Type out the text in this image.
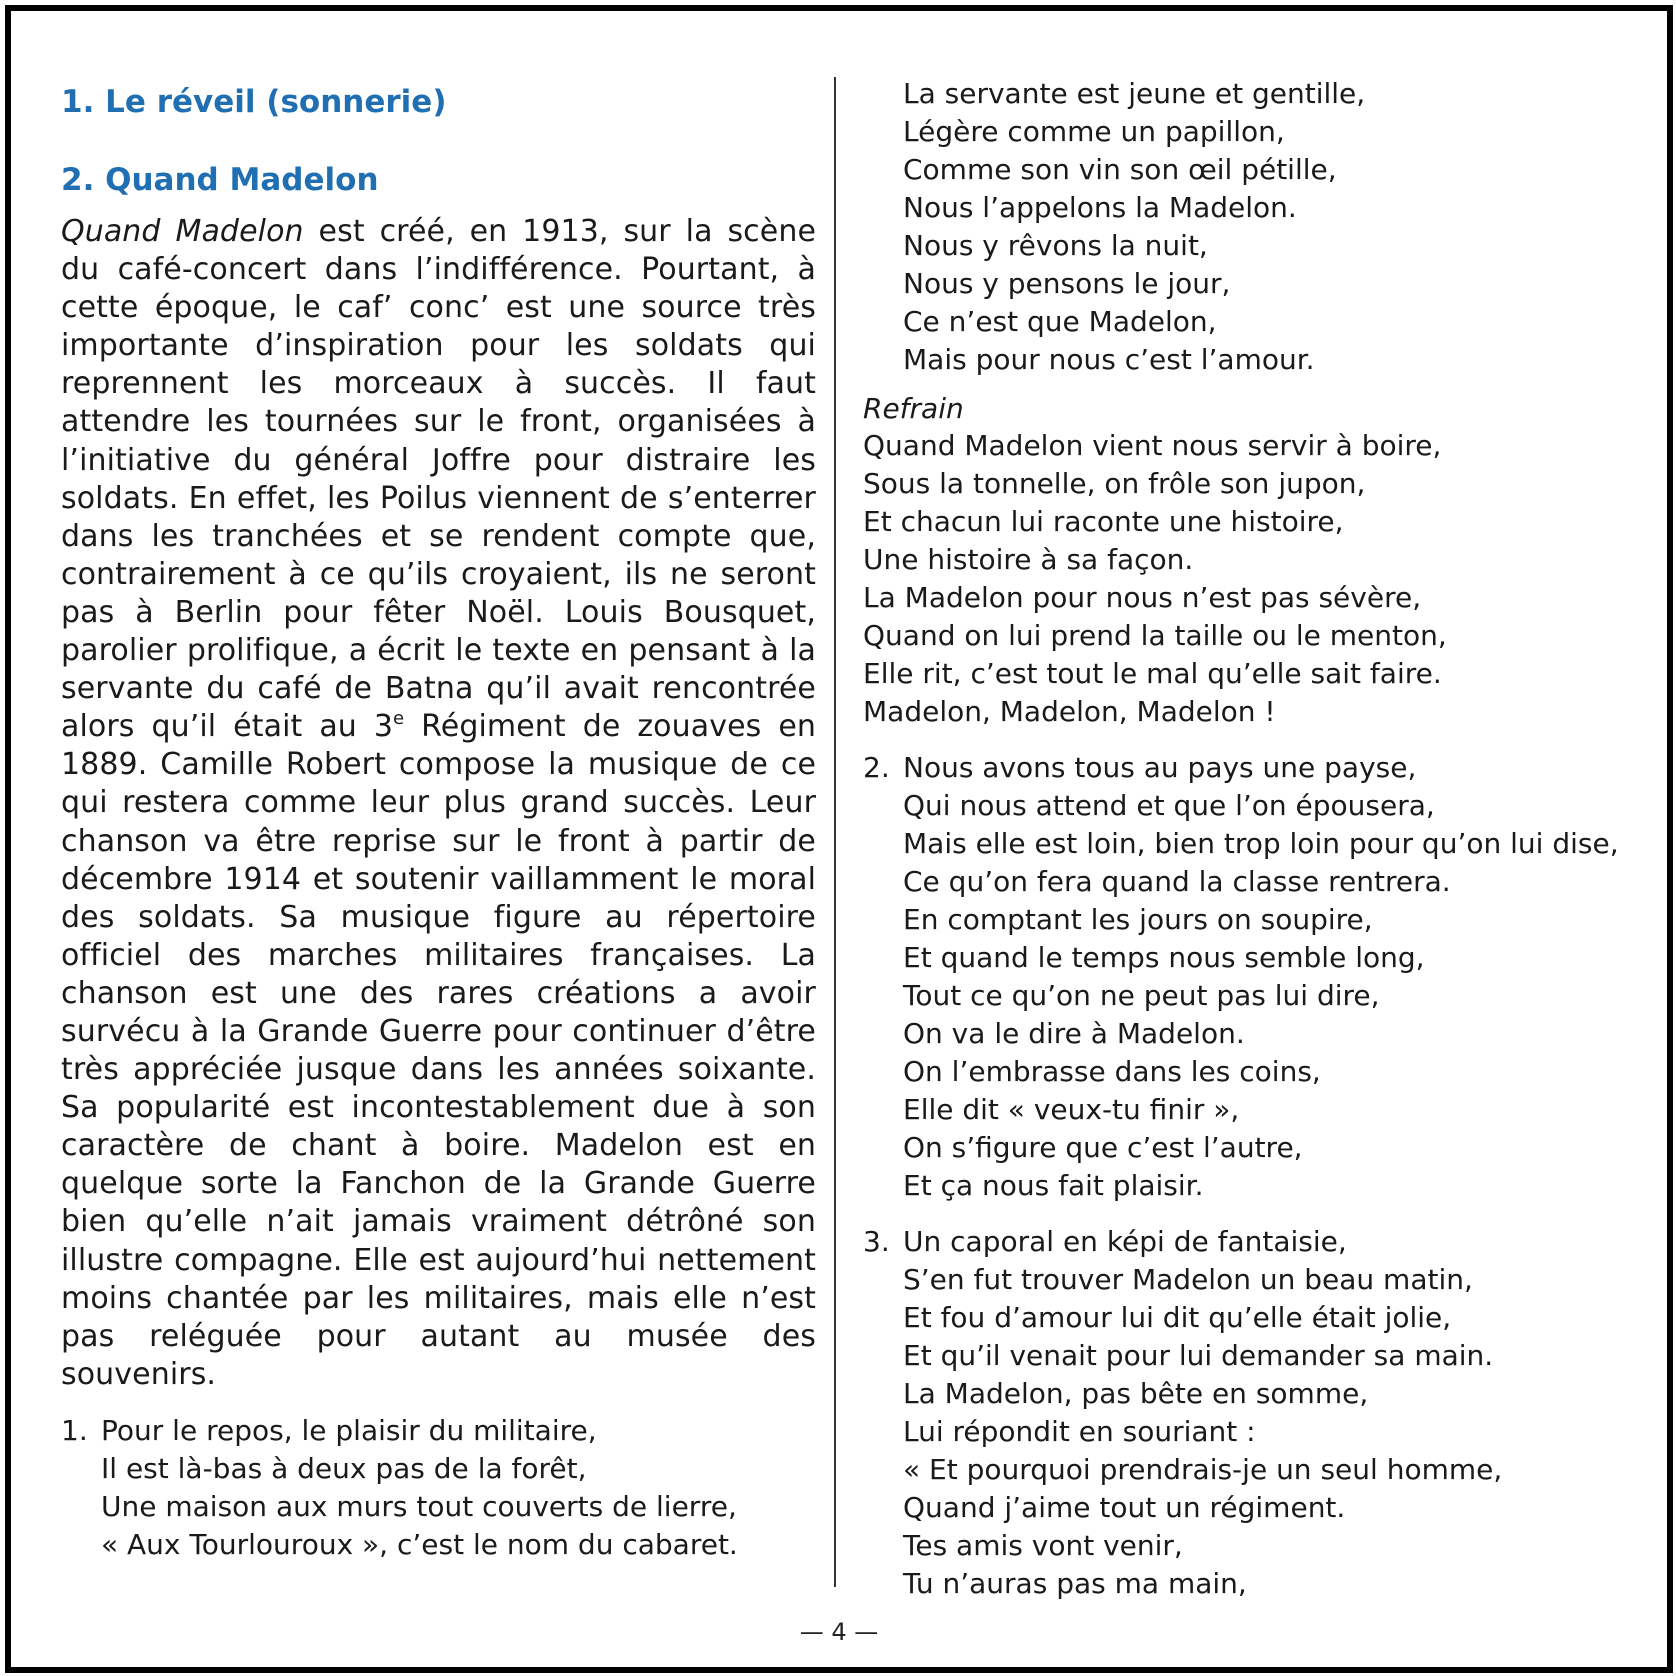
1. Le réveil (sonnerie)
2. Quand Madelon

Quand Madelon est créé, en 1913, sur la scène du café-concert dans l’indifférence. Pourtant, à cette époque, le caf’ conc’ est une source très importante d’inspiration pour les soldats qui reprennent les morceaux à succès. Il faut attendre les tournées sur le front, organisées à l’initiative du général Joffre pour distraire les soldats. En effet, les Poilus viennent de s’enterrer dans les tranchées et se rendent compte que, contrairement à ce qu’ils croyaient, ils ne seront pas à Berlin pour fêter Noël. Louis Bousquet, parolier prolifique, a écrit le texte en pensant à la servante du café de Batna qu’il avait rencontrée alors qu’il était au 3e Régiment de zouaves en 1889. Camille Robert compose la musique de ce qui restera comme leur plus grand succès. Leur chanson va être reprise sur le front à partir de décembre 1914 et soutenir vaillamment le moral des soldats. Sa musique figure au répertoire officiel des marches militaires françaises. La chanson est une des rares créations a avoir survécu à la Grande Guerre pour continuer d’être très appréciée jusque dans les années soixante. Sa popularité est incontestablement due à son caractère de chant à boire. Madelon est en quelque sorte la Fanchon de la Grande Guerre bien qu’elle n’ait jamais vraiment détrôné son illustre compagne. Elle est aujourd’hui nettement moins chantée par les militaires, mais elle n’est pas reléguée pour autant au musée des souvenirs.

1. Pour le repos, le plaisir du militaire,
Il est là-bas à deux pas de la forêt,
Une maison aux murs tout couverts de lierre,
« Aux Tourlouroux », c’est le nom du cabaret.
La servante est jeune et gentille,
Légère comme un papillon,
Comme son vin son œil pétille,
Nous l’appelons la Madelon.
Nous y rêvons la nuit,
Nous y pensons le jour,
Ce n’est que Madelon,
Mais pour nous c’est l’amour.
Refrain
Quand Madelon vient nous servir à boire,
Sous la tonnelle, on frôle son jupon,
Et chacun lui raconte une histoire,
Une histoire à sa façon.
La Madelon pour nous n’est pas sévère,
Quand on lui prend la taille ou le menton,
Elle rit, c’est tout le mal qu’elle sait faire.
Madelon, Madelon, Madelon !
2. Nous avons tous au pays une payse,
Qui nous attend et que l’on épousera,
Mais elle est loin, bien trop loin pour qu’on lui dise,
Ce qu’on fera quand la classe rentrera.
En comptant les jours on soupire,
Et quand le temps nous semble long,
Tout ce qu’on ne peut pas lui dire,
On va le dire à Madelon.
On l’embrasse dans les coins,
Elle dit « veux-tu finir »,
On s’figure que c’est l’autre,
Et ça nous fait plaisir.
3. Un caporal en képi de fantaisie,
S’en fut trouver Madelon un beau matin,
Et fou d’amour lui dit qu’elle était jolie,
Et qu’il venait pour lui demander sa main.
La Madelon, pas bête en somme,
Lui répondit en souriant :
« Et pourquoi prendrais-je un seul homme,
Quand j’aime tout un régiment.
Tes amis vont venir,
Tu n’auras pas ma main,
— 4 —
